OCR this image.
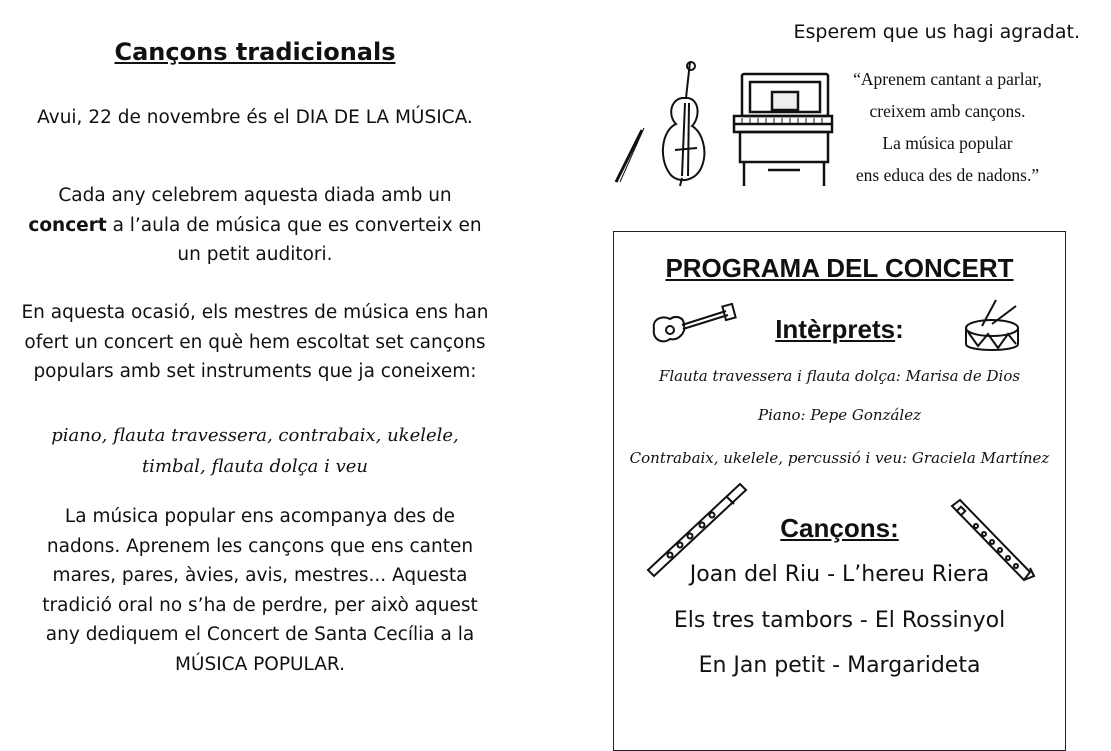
Cançons tradicionals

Avui, 22 de novembre és el DIA DE LA MÚSICA.

Cada any celebrem aquesta diada amb un concert a l’aula de música que es converteix en un petit auditori.

En aquesta ocasió, els mestres de música ens han ofert un concert en què hem escoltat set cançons populars amb set instruments que ja coneixem:

piano, flauta travessera, contrabaix, ukelele, timbal, flauta dolça i veu

La música popular ens acompanya des de nadons. Aprenem les cançons que ens canten mares, pares, àvies, avis, mestres... Aquesta tradició oral no s’ha de perdre, per això aquest any dediquem el Concert de Santa Cecília a la MÚSICA POPULAR.

Esperem que us hagi agradat.
“Aprenem cantant a parlar,
creixem amb cançons.
La música popular
ens educa des de nadons.”
PROGRAMA DEL CONCERT
Intèrprets:
Flauta travessera i flauta dolça: Marisa de Dios
Piano: Pepe González
Contrabaix, ukelele, percussió i veu: Graciela Martínez
Cançons:
Joan del Riu - L’hereu Riera
Els tres tambors - El Rossinyol
En Jan petit - Margarideta
